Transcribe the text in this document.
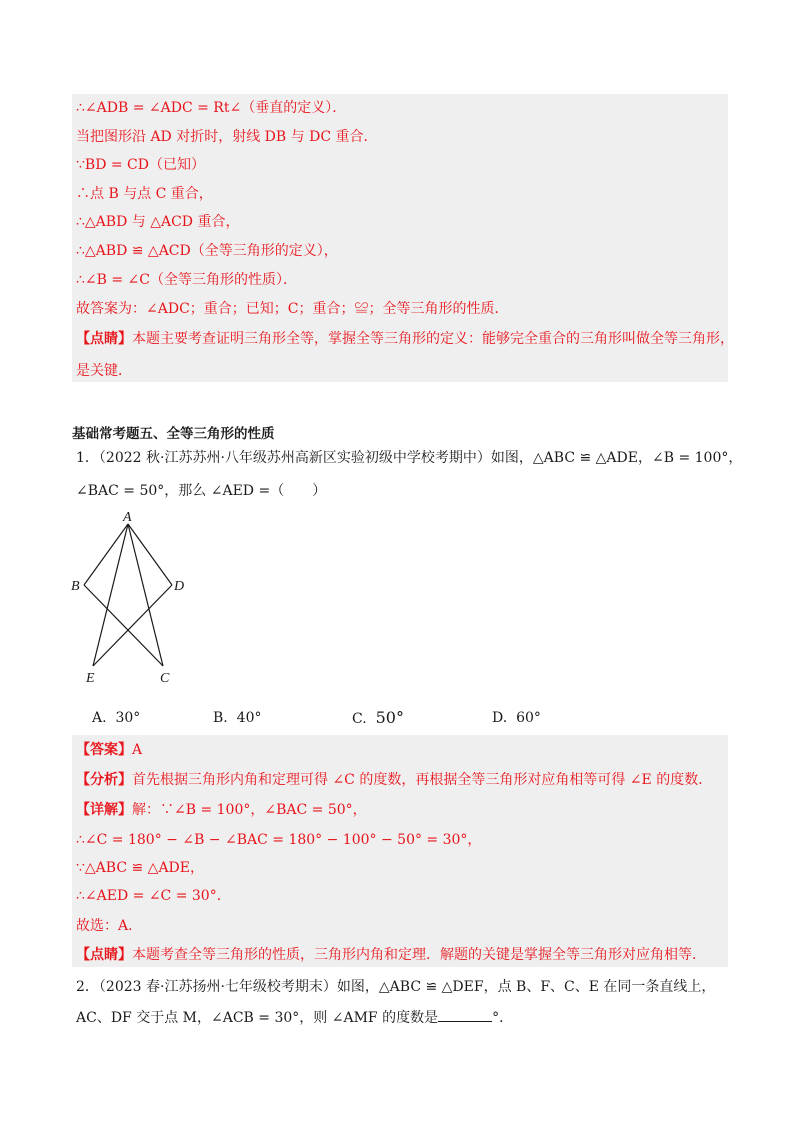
∴∠ADB = ∠ADC = Rt∠（垂直的定义）．
当把图形沿 AD 对折时，射线 DB 与 DC 重合．
∵BD = CD（已知）
∴点 B 与点 C 重合，
∴△ABD 与 △ACD 重合，
∴△ABD ≌ △ACD（全等三角形的定义），
∴∠B = ∠C（全等三角形的性质）．
故答案为：∠ADC；重合；已知；C；重合；≌；全等三角形的性质．
【点睛】本题主要考查证明三角形全等，掌握全等三角形的定义：能够完全重合的三角形叫做全等三角形，
是关键．
基础常考题五、全等三角形的性质
1．（2022 秋·江苏苏州·八年级苏州高新区实验初级中学校考期中）如图，△ABC ≌ △ADE，∠B = 100°，
∠BAC = 50°，那么 ∠AED =（　　）
A
B	D
E	C
A. 30°	B. 40°	C. 50°	D. 60°
【答案】A
【分析】首先根据三角形内角和定理可得 ∠C 的度数，再根据全等三角形对应角相等可得 ∠E 的度数．
【详解】解：∵∠B = 100°，∠BAC = 50°，
∴∠C = 180° − ∠B − ∠BAC = 180° − 100° − 50° = 30°，
∵△ABC ≌ △ADE，
∴∠AED = ∠C = 30°．
故选：A．
【点睛】本题考查全等三角形的性质，三角形内角和定理．解题的关键是掌握全等三角形对应角相等．
2．（2023 春·江苏扬州·七年级校考期末）如图，△ABC ≌ △DEF，点 B、F、C、E 在同一条直线上，
AC、DF 交于点 M，∠ACB = 30°，则 ∠AMF 的度数是	°．
